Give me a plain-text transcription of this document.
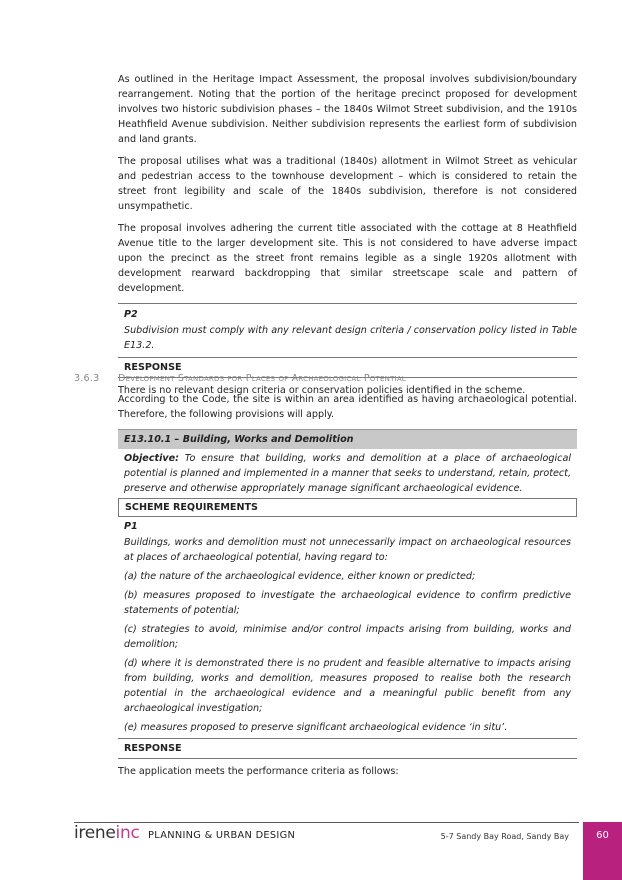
As outlined in the Heritage Impact Assessment, the proposal involves subdivision/boundary rearrangement. Noting that the portion of the heritage precinct proposed for development involves two historic subdivision phases – the 1840s Wilmot Street subdivision, and the 1910s Heathfield Avenue subdivision. Neither subdivision represents the earliest form of subdivision and land grants.

The proposal utilises what was a traditional (1840s) allotment in Wilmot Street as vehicular and pedestrian access to the townhouse development – which is considered to retain the street front legibility and scale of the 1840s subdivision, therefore is not considered unsympathetic.

The proposal involves adhering the current title associated with the cottage at 8 Heathfield Avenue title to the larger development site. This is not considered to have adverse impact upon the precinct as the street front remains legible as a single 1920s allotment with development rearward backdropping that similar streetscape scale and pattern of development.

P2
Subdivision must comply with any relevant design criteria / conservation policy listed in Table E13.2.
RESPONSE

There is no relevant design criteria or conservation policies identified in the scheme.

3.6.3 Development Standards for Places of Archaeological Potential

According to the Code, the site is within an area identified as having archaeological potential. Therefore, the following provisions will apply.

E13.10.1 – Building, Works and Demolition
Objective: To ensure that building, works and demolition at a place of archaeological potential is planned and implemented in a manner that seeks to understand, retain, protect, preserve and otherwise appropriately manage significant archaeological evidence.
SCHEME REQUIREMENTS
P1
Buildings, works and demolition must not unnecessarily impact on archaeological resources at places of archaeological potential, having regard to:
(a) the nature of the archaeological evidence, either known or predicted;
(b) measures proposed to investigate the archaeological evidence to confirm predictive statements of potential;
(c) strategies to avoid, minimise and/or control impacts arising from building, works and demolition;
(d) where it is demonstrated there is no prudent and feasible alternative to impacts arising from building, works and demolition, measures proposed to realise both the research potential in the archaeological evidence and a meaningful public benefit from any archaeological investigation;
(e) measures proposed to preserve significant archaeological evidence ‘in situ’.
RESPONSE

The application meets the performance criteria as follows:

ireneinc PLANNING & URBAN DESIGN	5-7 Sandy Bay Road, Sandy Bay	60
